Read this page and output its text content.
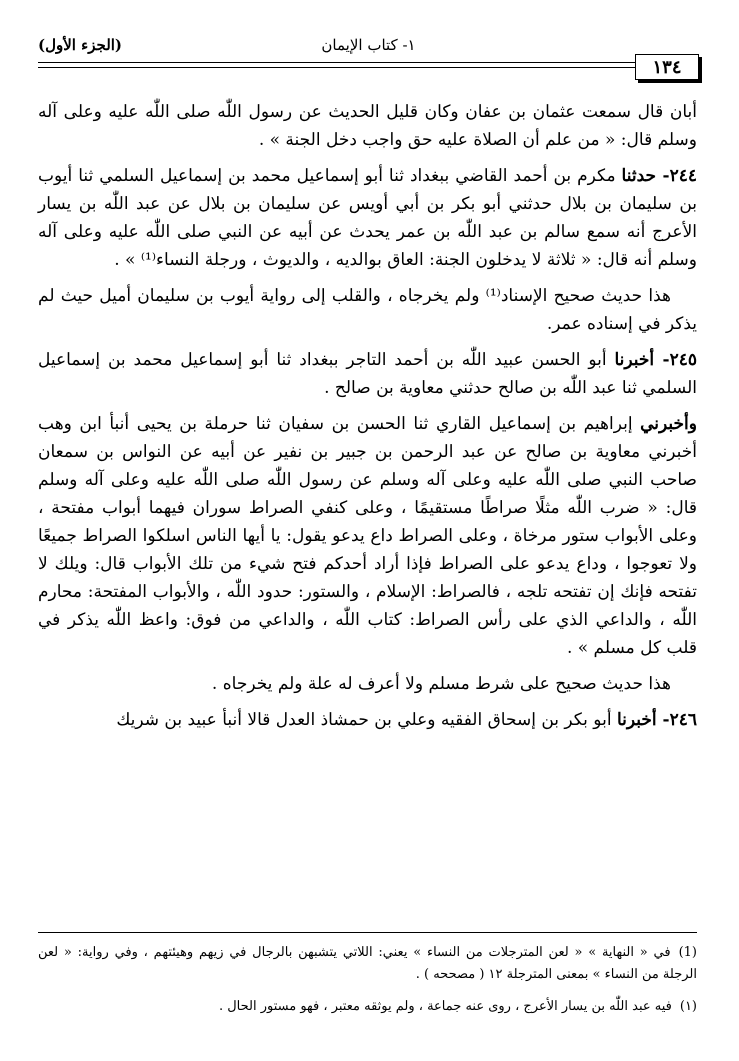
١- كتاب الإيمان
(الجزء الأول)
١٣٤

أبان قال سمعت عثمان بن عفان وكان قليل الحديث عن رسول اللّٰه صلى اللّٰه عليه وعلى آله وسلم قال: « من علم أن الصلاة عليه حق واجب دخل الجنة » .

٢٤٤- حدثنا مكرم بن أحمد القاضي ببغداد ثنا أبو إسماعيل محمد بن إسماعيل السلمي ثنا أيوب بن سليمان بن بلال حدثني أبو بكر بن أبي أويس عن سليمان بن بلال عن عبد اللّٰه بن يسار الأعرج أنه سمع سالم بن عبد اللّٰه بن عمر يحدث عن أبيه عن النبي صلى اللّٰه عليه وعلى آله وسلم أنه قال: « ثلاثة لا يدخلون الجنة: العاق بوالديه ، والديوث ، ورجلة النساء⁽¹⁾ » .

هذا حديث صحيح الإسناد⁽¹⁾ ولم يخرجاه ، والقلب إلى رواية أيوب بن سليمان أميل حيث لم يذكر في إسناده عمر.

٢٤٥- أخبرنا أبو الحسن عبيد اللّٰه بن أحمد التاجر ببغداد ثنا أبو إسماعيل محمد بن إسماعيل السلمي ثنا عبد اللّٰه بن صالح حدثني معاوية بن صالح .

وأخبرني إبراهيم بن إسماعيل القاري ثنا الحسن بن سفيان ثنا حرملة بن يحيى أنبأ ابن وهب أخبرني معاوية بن صالح عن عبد الرحمن بن جبير بن نفير عن أبيه عن النواس بن سمعان صاحب النبي صلى اللّٰه عليه وعلى آله وسلم عن رسول اللّٰه صلى اللّٰه عليه وعلى آله وسلم قال: « ضرب اللّٰه مثلًا صراطًا مستقيمًا ، وعلى كنفي الصراط سوران فيهما أبواب مفتحة ، وعلى الأبواب ستور مرخاة ، وعلى الصراط داع يدعو يقول: يا أيها الناس اسلكوا الصراط جميعًا ولا تعوجوا ، وداع يدعو على الصراط فإذا أراد أحدكم فتح شيء من تلك الأبواب قال: ويلك لا تفتحه فإنك إن تفتحه تلجه ، فالصراط: الإسلام ، والستور: حدود اللّٰه ، والأبواب المفتحة: محارم اللّٰه ، والداعي الذي على رأس الصراط: كتاب اللّٰه ، والداعي من فوق: واعظ اللّٰه يذكر في قلب كل مسلم » .

هذا حديث صحيح على شرط مسلم ولا أعرف له علة ولم يخرجاه .

٢٤٦- أخبرنا أبو بكر بن إسحاق الفقيه وعلي بن حمشاذ العدل قالا أنبأ عبيد بن شريك

(1)في « النهاية » « لعن المترجلات من النساء » يعني: اللاتي يتشبهن بالرجال في زيهم وهيئتهم ، وفي رواية: « لعن الرجلة من النساء » بمعنى المترجلة ١٢ ( مصححه ) .

(١)فيه عبد اللّٰه بن يسار الأعرج ، روى عنه جماعة ، ولم يوثقه معتبر ، فهو مستور الحال .
